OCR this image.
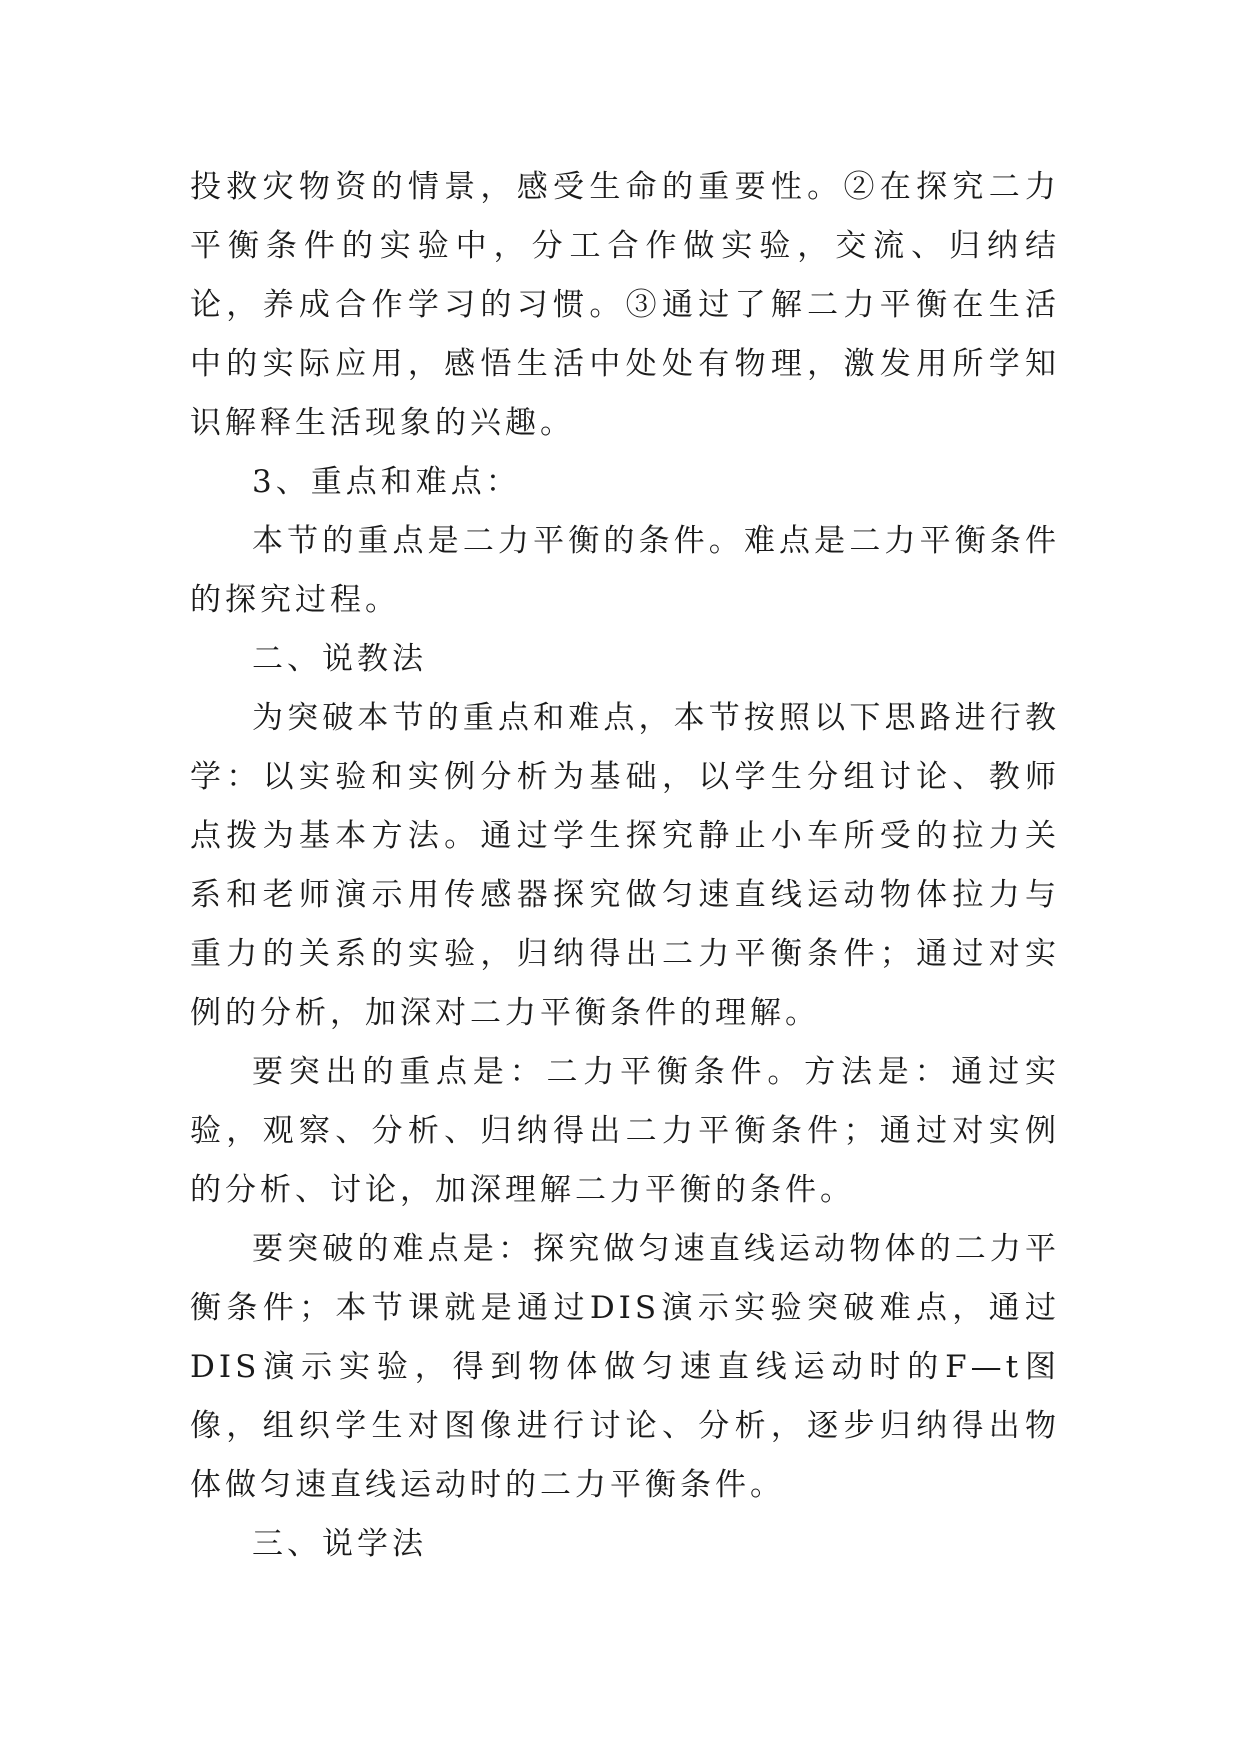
投救灾物资的情景，感受生命的重要性。②在探究二力平衡条件的实验中，分工合作做实验，交流、归纳结论，养成合作学习的习惯。③通过了解二力平衡在生活中的实际应用，感悟生活中处处有物理，激发用所学知识解释生活现象的兴趣。

3、重点和难点：

本节的重点是二力平衡的条件。难点是二力平衡条件的探究过程。

二、说教法

为突破本节的重点和难点，本节按照以下思路进行教学：以实验和实例分析为基础，以学生分组讨论、教师点拨为基本方法。通过学生探究静止小车所受的拉力关系和老师演示用传感器探究做匀速直线运动物体拉力与重力的关系的实验，归纳得出二力平衡条件；通过对实例的分析，加深对二力平衡条件的理解。

要突出的重点是：二力平衡条件。方法是：通过实验，观察、分析、归纳得出二力平衡条件；通过对实例的分析、讨论，加深理解二力平衡的条件。

要突破的难点是：探究做匀速直线运动物体的二力平衡条件；本节课就是通过DIS演示实验突破难点，通过DIS演示实验，得到物体做匀速直线运动时的F—t图像，组织学生对图像进行讨论、分析，逐步归纳得出物体做匀速直线运动时的二力平衡条件。

三、说学法
